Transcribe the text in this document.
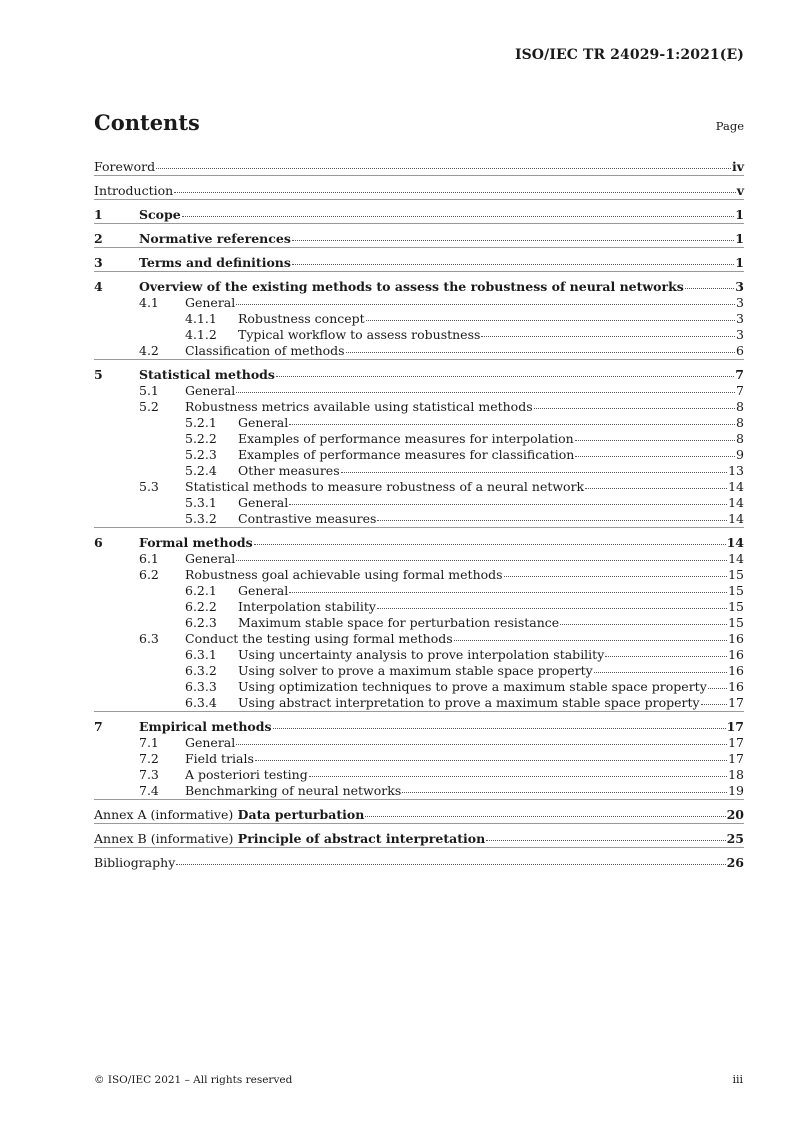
ISO/IEC TR 24029-1:2021(E)
Contents	Page
Foreword	iv
Introduction	v
1	Scope	1
2	Normative references	1
3	Terms and definitions	1
4	Overview of the existing methods to assess the robustness of neural networks	3
4.1	General	3
4.1.1	Robustness concept	3
4.1.2	Typical workflow to assess robustness	3
4.2	Classification of methods	6
5	Statistical methods	7
5.1	General	7
5.2	Robustness metrics available using statistical methods	8
5.2.1	General	8
5.2.2	Examples of performance measures for interpolation	8
5.2.3	Examples of performance measures for classification	9
5.2.4	Other measures	13
5.3	Statistical methods to measure robustness of a neural network	14
5.3.1	General	14
5.3.2	Contrastive measures	14
6	Formal methods	14
6.1	General	14
6.2	Robustness goal achievable using formal methods	15
6.2.1	General	15
6.2.2	Interpolation stability	15
6.2.3	Maximum stable space for perturbation resistance	15
6.3	Conduct the testing using formal methods	16
6.3.1	Using uncertainty analysis to prove interpolation stability	16
6.3.2	Using solver to prove a maximum stable space property	16
6.3.3	Using optimization techniques to prove a maximum stable space property 16
6.3.4	Using abstract interpretation to prove a maximum stable space property 17
7	Empirical methods	17
7.1	General	17
7.2	Field trials	17
7.3	A posteriori testing	18
7.4	Benchmarking of neural networks	19
Annex A (informative) Data perturbation	20
Annex B (informative) Principle of abstract interpretation	25
Bibliography	26
© ISO/IEC 2021 – All rights reserved	iii
